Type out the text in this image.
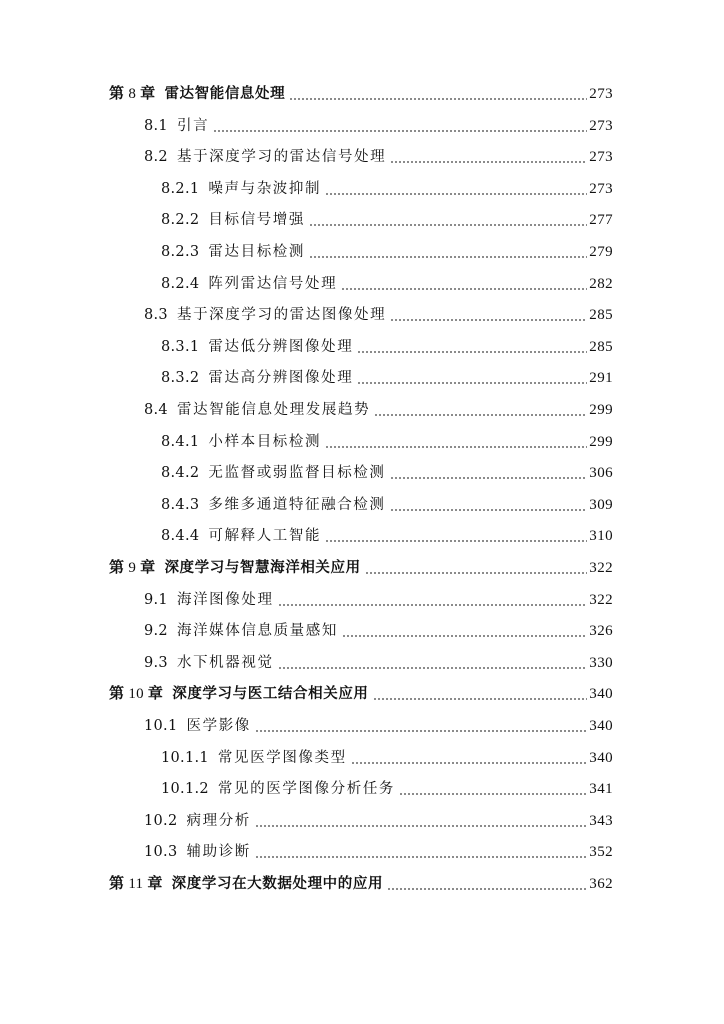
第 8 章 雷达智能信息处理	273
8.1 引言	273
8.2 基于深度学习的雷达信号处理	273
8.2.1 噪声与杂波抑制	273
8.2.2 目标信号增强	277
8.2.3 雷达目标检测	279
8.2.4 阵列雷达信号处理	282
8.3 基于深度学习的雷达图像处理	285
8.3.1 雷达低分辨图像处理	285
8.3.2 雷达高分辨图像处理	291
8.4 雷达智能信息处理发展趋势	299
8.4.1 小样本目标检测	299
8.4.2 无监督或弱监督目标检测	306
8.4.3 多维多通道特征融合检测	309
8.4.4 可解释人工智能	310
第 9 章 深度学习与智慧海洋相关应用	322
9.1 海洋图像处理	322
9.2 海洋媒体信息质量感知	326
9.3 水下机器视觉	330
第 10 章 深度学习与医工结合相关应用	340
10.1 医学影像	340
10.1.1 常见医学图像类型	340
10.1.2 常见的医学图像分析任务	341
10.2 病理分析	343
10.3 辅助诊断	352
第 11 章 深度学习在大数据处理中的应用	362
